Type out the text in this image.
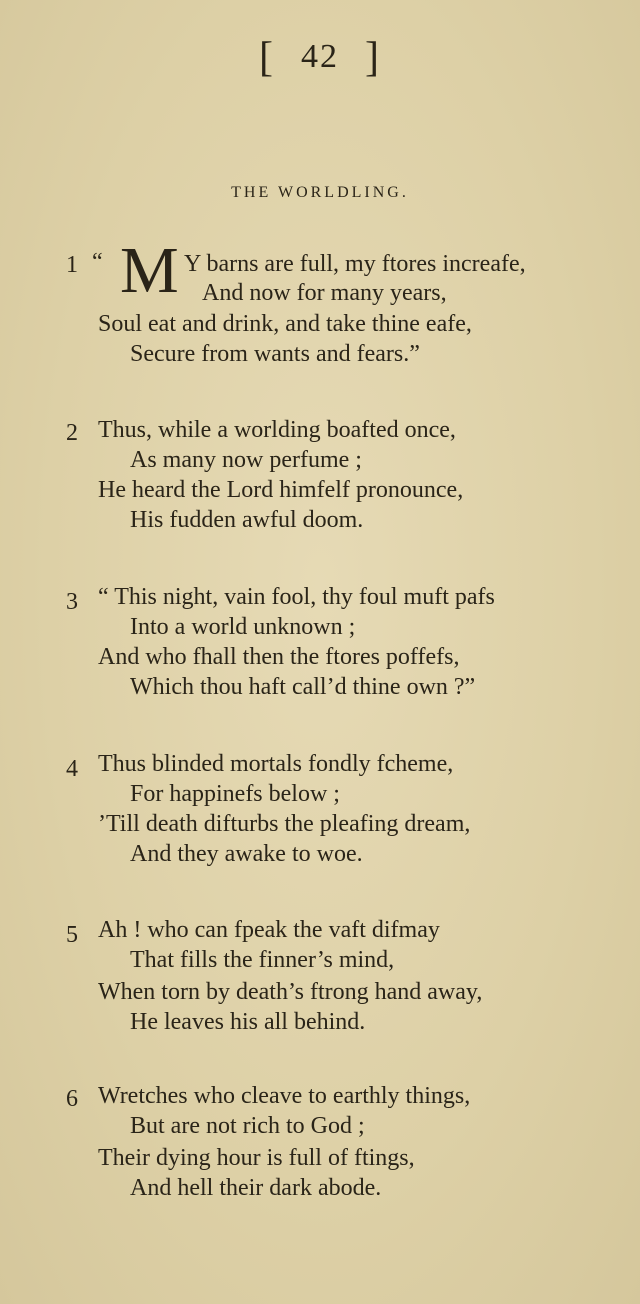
[ 42 ]
THE WORLDLING.
1 “ M Y barns are full, my ftores increafe,
And now for many years,
Soul eat and drink, and take thine eafe,
Secure from wants and fears.”
2 Thus, while a worlding boafted once,
As many now perfume ;
He heard the Lord himfelf pronounce,
His fudden awful doom.
3 “ This night, vain fool, thy foul muft pafs
Into a world unknown ;
And who fhall then the ftores poffefs,
Which thou haft call’d thine own ?”
4 Thus blinded mortals fondly fcheme,
For happinefs below ;
’Till death difturbs the pleafing dream,
And they awake to woe.
5 Ah ! who can fpeak the vaft difmay
That fills the finner’s mind,
When torn by death’s ftrong hand away,
He leaves his all behind.
6 Wretches who cleave to earthly things,
But are not rich to God ;
Their dying hour is full of ftings,
And hell their dark abode.
